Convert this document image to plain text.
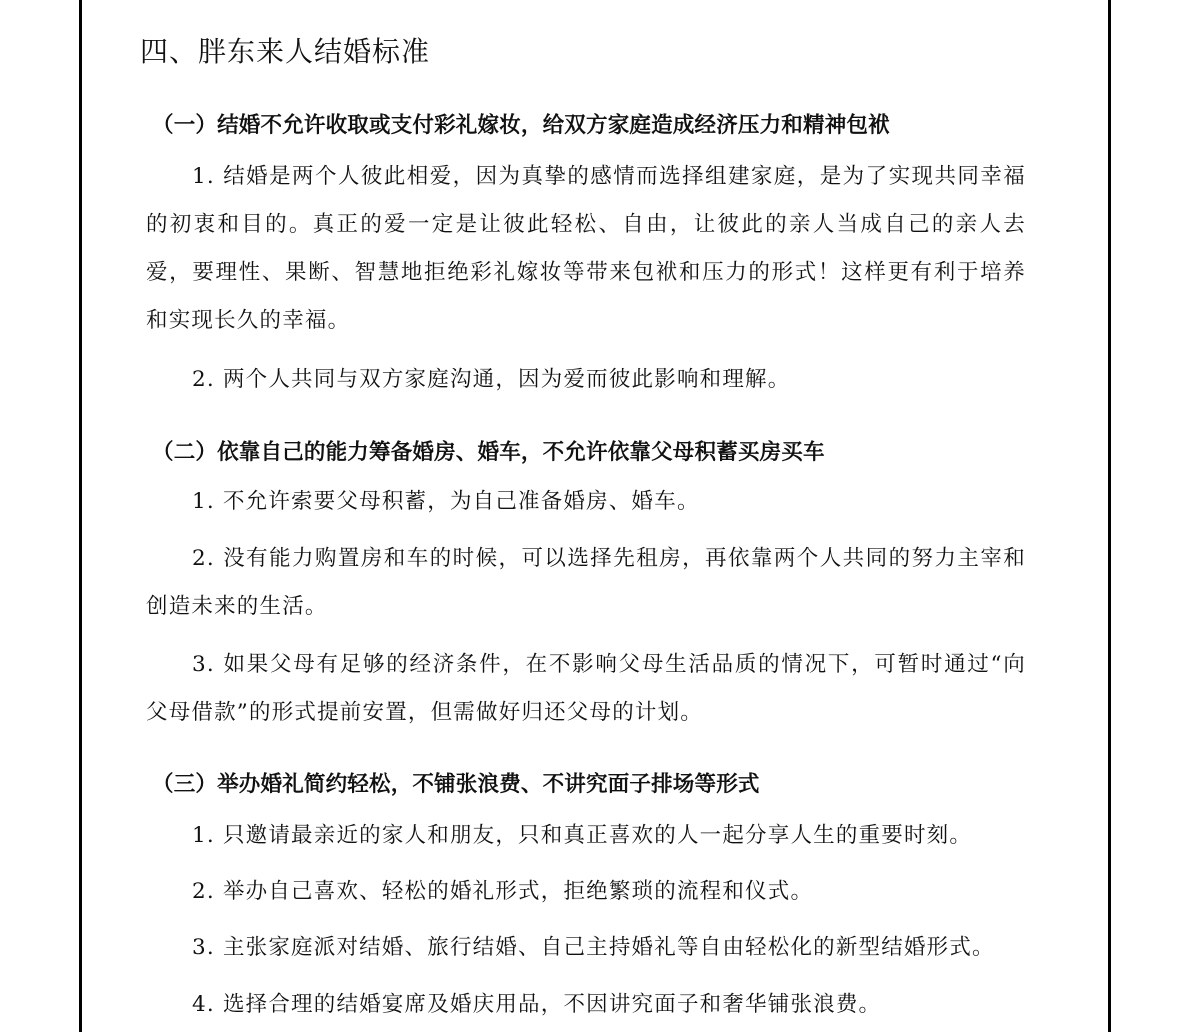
四、胖东来人结婚标准
（一）结婚不允许收取或支付彩礼嫁妆，给双方家庭造成经济压力和精神包袱

1. 结婚是两个人彼此相爱，因为真挚的感情而选择组建家庭，是为了实现共同幸福的初衷和目的。真正的爱一定是让彼此轻松、自由，让彼此的亲人当成自己的亲人去爱，要理性、果断、智慧地拒绝彩礼嫁妆等带来包袱和压力的形式！这样更有利于培养和实现长久的幸福。

2. 两个人共同与双方家庭沟通，因为爱而彼此影响和理解。

（二）依靠自己的能力筹备婚房、婚车，不允许依靠父母积蓄买房买车

1. 不允许索要父母积蓄，为自己准备婚房、婚车。

2. 没有能力购置房和车的时候，可以选择先租房，再依靠两个人共同的努力主宰和创造未来的生活。

3. 如果父母有足够的经济条件，在不影响父母生活品质的情况下，可暂时通过“向父母借款”的形式提前安置，但需做好归还父母的计划。

（三）举办婚礼简约轻松，不铺张浪费、不讲究面子排场等形式

1. 只邀请最亲近的家人和朋友，只和真正喜欢的人一起分享人生的重要时刻。

2. 举办自己喜欢、轻松的婚礼形式，拒绝繁琐的流程和仪式。

3. 主张家庭派对结婚、旅行结婚、自己主持婚礼等自由轻松化的新型结婚形式。

4. 选择合理的结婚宴席及婚庆用品，不因讲究面子和奢华铺张浪费。
